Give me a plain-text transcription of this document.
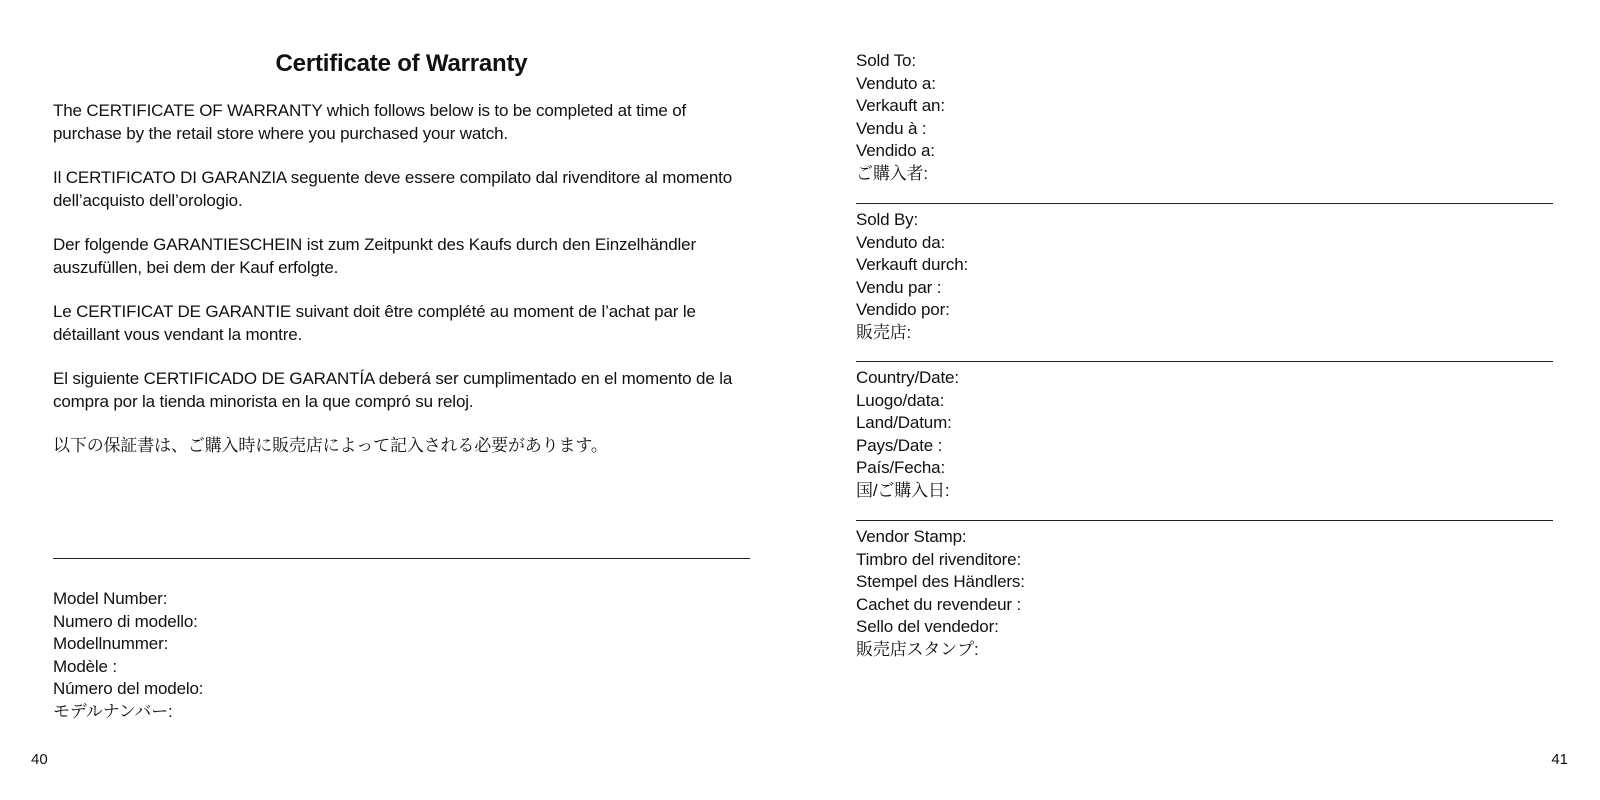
Certificate of Warranty

The CERTIFICATE OF WARRANTY which follows below is to be completed at time of purchase by the retail store where you purchased your watch.

Il CERTIFICATO DI GARANZIA seguente deve essere compilato dal rivenditore al momento dell’acquisto dell’orologio.

Der folgende GARANTIESCHEIN ist zum Zeitpunkt des Kaufs durch den Einzelhändler auszufüllen, bei dem der Kauf erfolgte.

Le CERTIFICAT DE GARANTIE suivant doit être complété au moment de l’achat par le détaillant vous vendant la montre.

El siguiente CERTIFICADO DE GARANTÍA deberá ser cumplimentado en el momento de la compra por la tienda minorista en la que compró su reloj.

以下の保証書は、ご購入時に販売店によって記入される必要があります。

Model Number:
Numero di modello:
Modellnummer:
Modèle :
Número del modelo:
モデルナンバー:
40
Sold To:
Venduto a:
Verkauft an:
Vendu à :
Vendido a:
ご購入者:
Sold By:
Venduto da:
Verkauft durch:
Vendu par :
Vendido por:
販売店:
Country/Date:
Luogo/data:
Land/Datum:
Pays/Date :
País/Fecha:
国/ご購入日:
Vendor Stamp:
Timbro del rivenditore:
Stempel des Händlers:
Cachet du revendeur :
Sello del vendedor:
販売店スタンプ:
41
